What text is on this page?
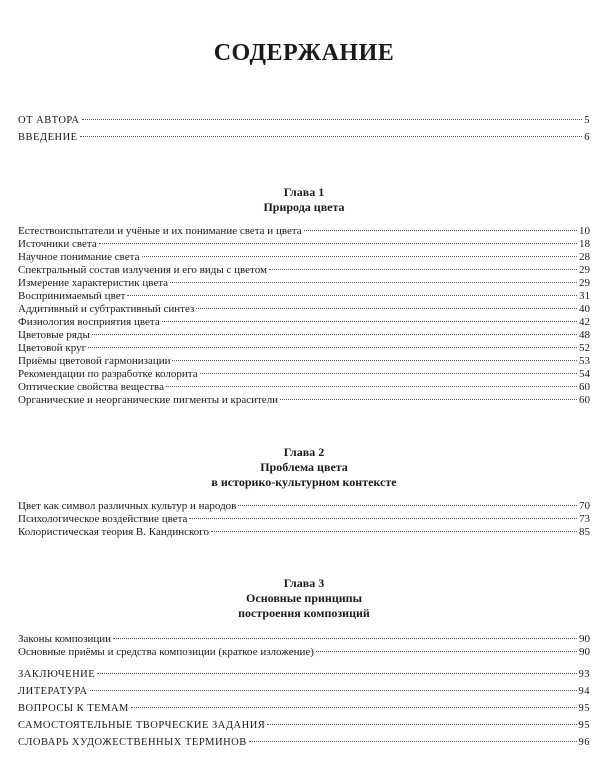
СОДЕРЖАНИЕ
ОТ АВТОРА	5
ВВЕДЕНИЕ	6
Глава 1
Природа цвета
Естествоиспытатели и учёные и их понимание света и цвета	10
Источники света	18
Научное понимание света	28
Спектральный состав излучения и его виды с цветом	29
Измерение характеристик цвета	29
Воспринимаемый цвет	31
Аддитивный и субтрактивный синтез	40
Физиология восприятия цвета	42
Цветовые ряды	48
Цветовой круг	52
Приёмы цветовой гармонизации	53
Рекомендации по разработке колорита	54
Оптические свойства вещества	60
Органические и неорганические пигменты и красители	60
Глава 2
Проблема цвета
в историко-культурном контексте
Цвет как символ различных культур и народов	70
Психологическое воздействие цвета	73
Колористическая теория В. Кандинского	85
Глава 3
Основные принципы
построения композиций
Законы композиции	90
Основные приёмы и средства композиции (краткое изложение)	90
ЗАКЛЮЧЕНИЕ	93
ЛИТЕРАТУРА	94
ВОПРОСЫ К ТЕМАМ	95
САМОСТОЯТЕЛЬНЫЕ ТВОРЧЕСКИЕ ЗАДАНИЯ	95
СЛОВАРЬ ХУДОЖЕСТВЕННЫХ ТЕРМИНОВ	96
